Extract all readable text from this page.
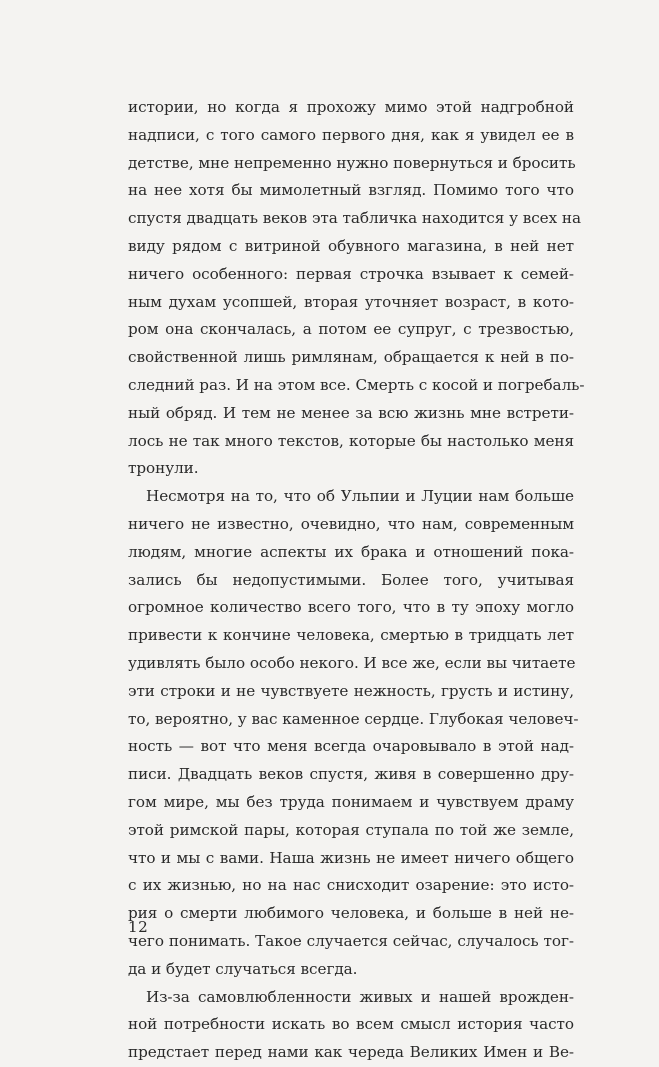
истории, но когда я прохожу мимо этой надгробной
надписи, с того самого первого дня, как я увидел ее в
детстве, мне непременно нужно повернуться и бросить
на нее хотя бы мимолетный взгляд. Помимо того что
спустя двадцать веков эта табличка находится у всех на
виду рядом с витриной обувного магазина, в ней нет
ничего особенного: первая строчка взывает к семей-
ным духам усопшей, вторая уточняет возраст, в кото-
ром она скончалась, а потом ее супруг, с трезвостью,
свойственной лишь римлянам, обращается к ней в по-
следний раз. И на этом все. Смерть с косой и погребаль-
ный обряд. И тем не менее за всю жизнь мне встрети-
лось не так много текстов, которые бы настолько меня
тронули.
Несмотря на то, что об Ульпии и Луции нам больше
ничего не известно, очевидно, что нам, современным
людям, многие аспекты их брака и отношений пока-
зались бы недопустимыми. Более того, учитывая
огромное количество всего того, что в ту эпоху могло
привести к кончине человека, смертью в тридцать лет
удивлять было особо некого. И все же, если вы читаете
эти строки и не чувствуете нежность, грусть и истину,
то, вероятно, у вас каменное сердце. Глубокая человеч-
ность — вот что меня всегда очаровывало в этой над-
писи. Двадцать веков спустя, живя в совершенно дру-
гом мире, мы без труда понимаем и чувствуем драму
этой римской пары, которая ступала по той же земле,
что и мы с вами. Наша жизнь не имеет ничего общего
с их жизнью, но на нас снисходит озарение: это исто-
рия о смерти любимого человека, и больше в ней не-
чего понимать. Такое случается сейчас, случалось тог-
да и будет случаться всегда.
Из-за самовлюбленности живых и нашей врожден-
ной потребности искать во всем смысл история часто
предстает перед нами как череда Великих Имен и Ве-
12
